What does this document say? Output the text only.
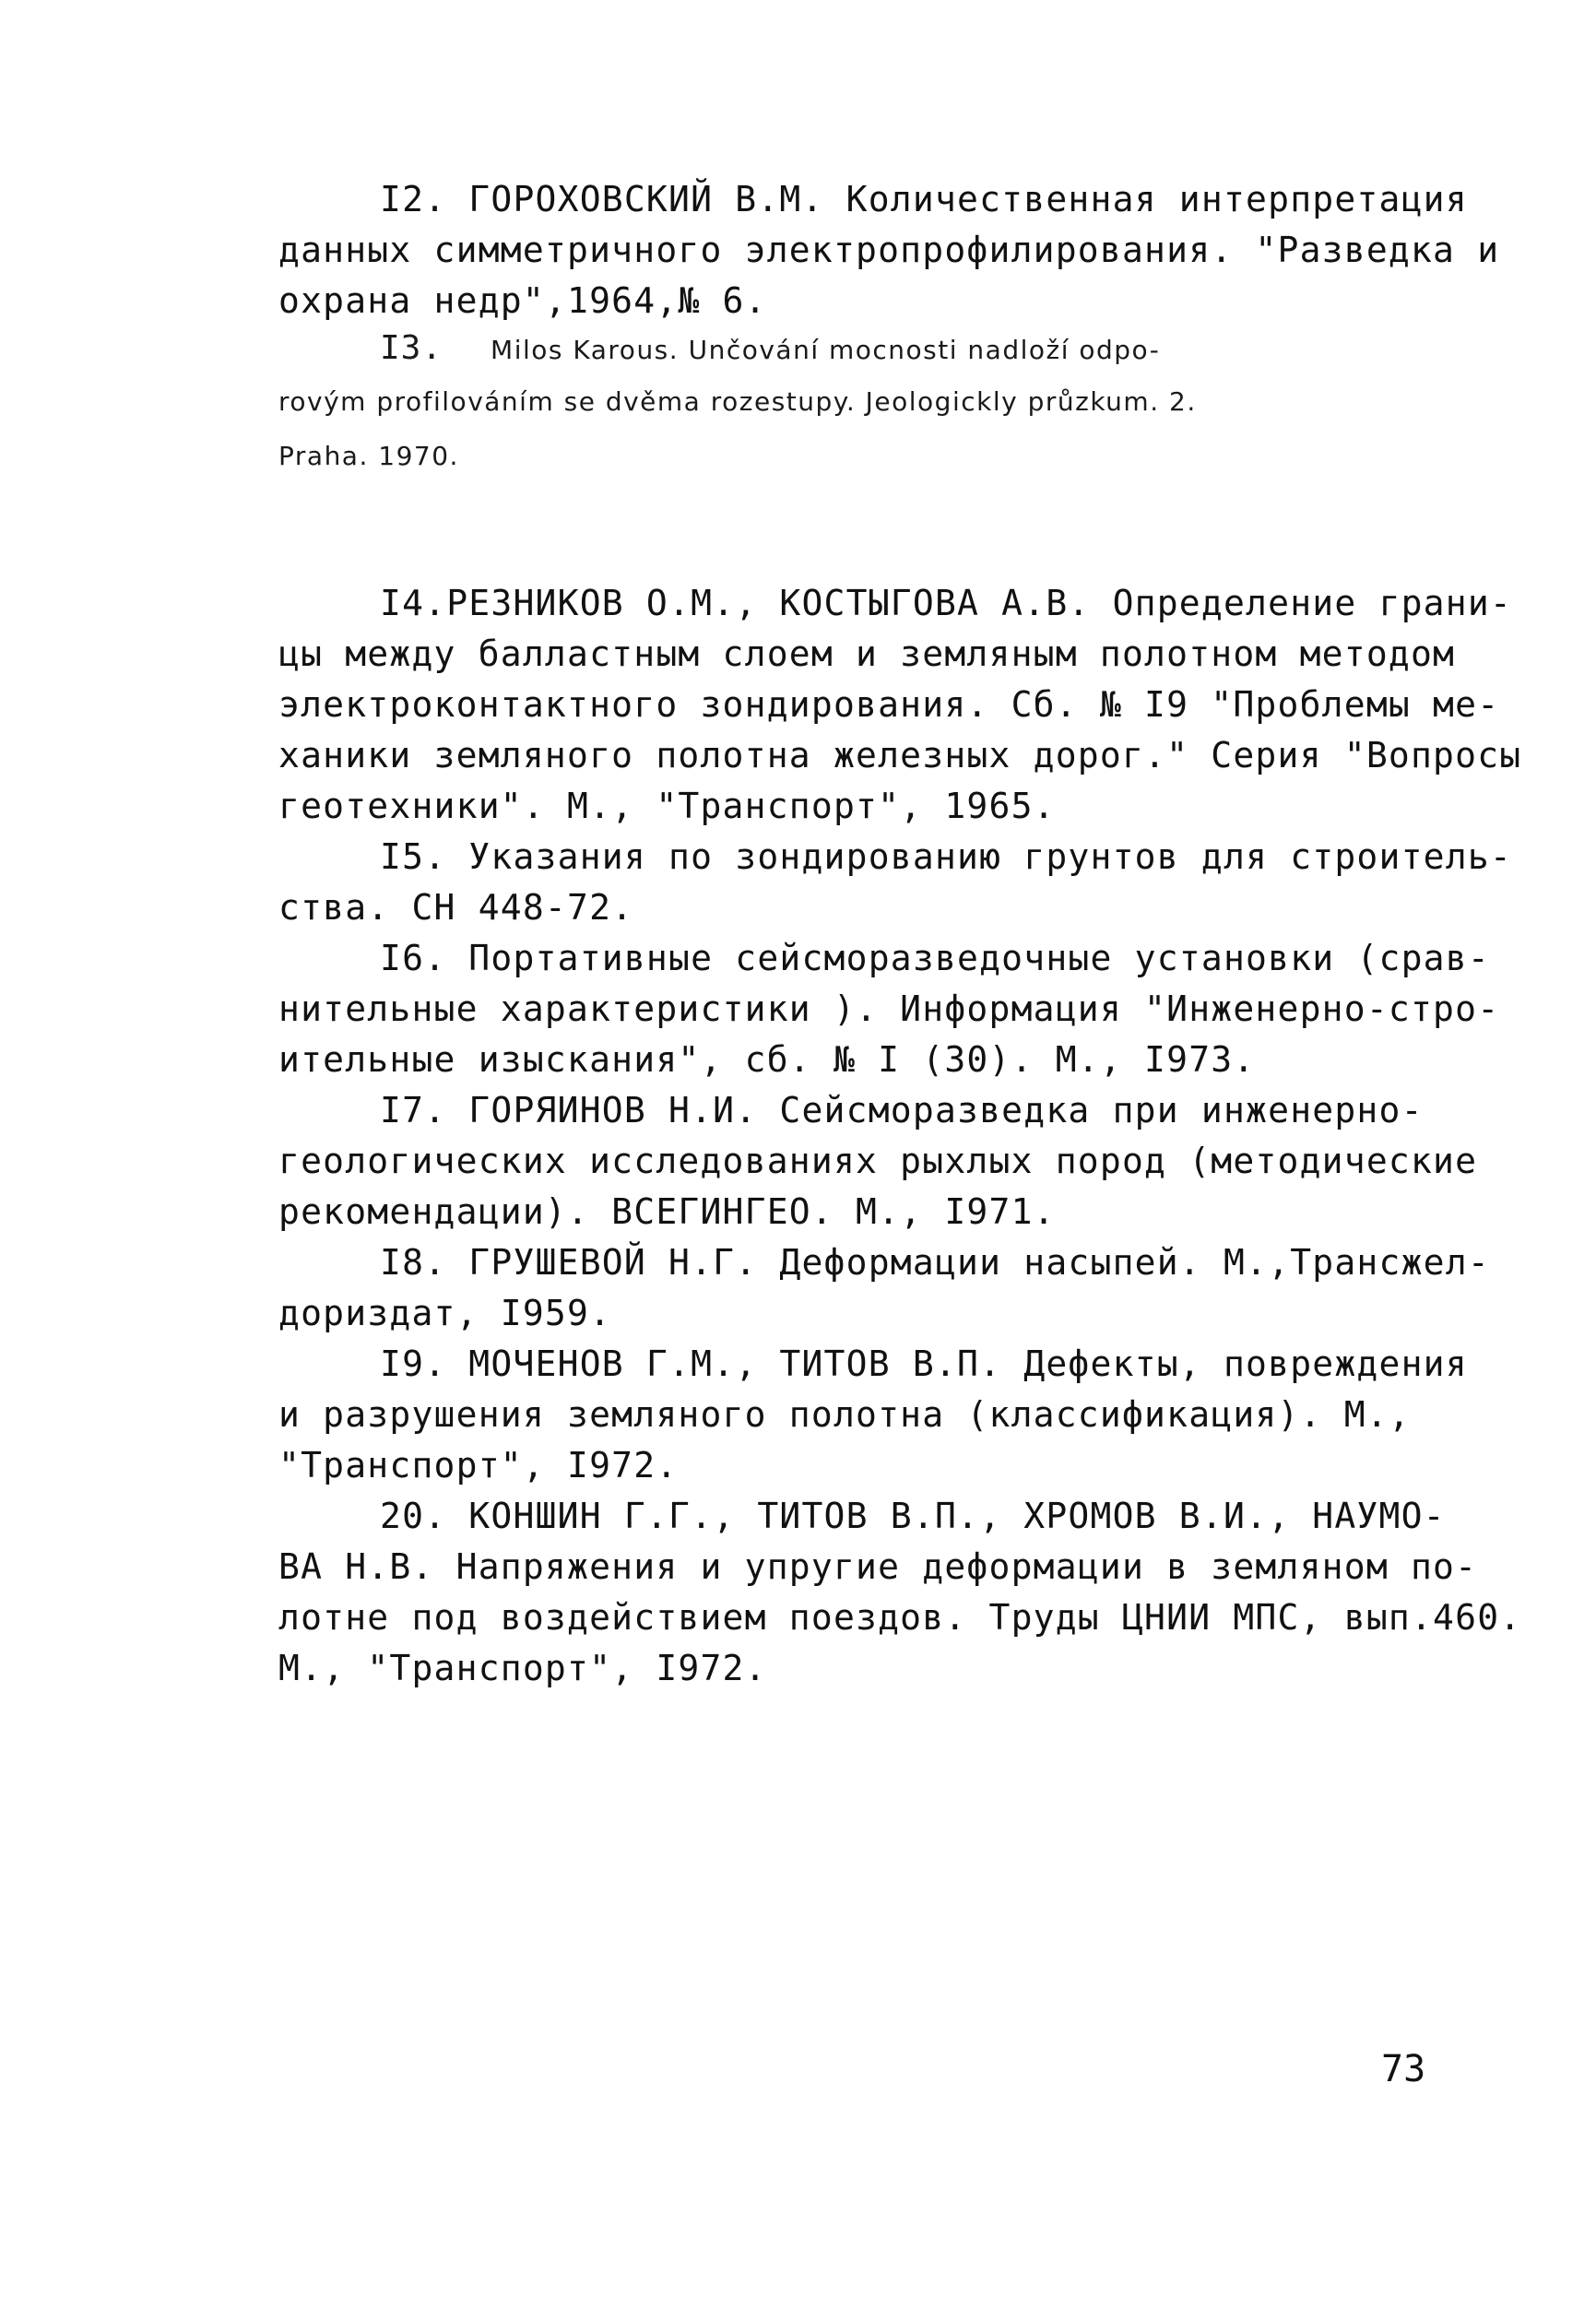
I2. ГОРОХОВСКИЙ В.М. Количественная интерпретация
данных симметричного электропрофилирования. "Разведка и
охрана недр",1964,№ 6.
I3. Milos Karous. Unčování mocnosti nadloží odpo-
rovým profilováním se dvěma rozestupy. Jeologickly průzkum. 2.
Praha. 1970.
I4.РЕЗНИКОВ О.М., КОСТЫГОВА А.В. Определение грани-
цы между балластным слоем и земляным полотном методом
электроконтактного зондирования. Сб. № I9 "Проблемы ме-
ханики земляного полотна железных дорог." Серия "Вопросы
геотехники". М., "Транспорт", 1965.
I5. Указания по зондированию грунтов для строитель-
ства. СН 448-72.
I6. Портативные сейсморазведочные установки (срав-
нительные характеристики ). Информация "Инженерно-стро-
ительные изыскания", сб. № I (30). М., I973.
I7. ГОРЯИНОВ Н.И. Сейсморазведка при инженерно-
геологических исследованиях рыхлых пород (методические
рекомендации). ВСЕГИНГЕО. М., I971.
I8. ГРУШЕВОЙ Н.Г. Деформации насыпей. М.,Трансжел-
дориздат, I959.
I9. МОЧЕНОВ Г.М., ТИТОВ В.П. Дефекты, повреждения
и разрушения земляного полотна (классификация). М.,
"Транспорт", I972.
20. КОНШИН Г.Г., ТИТОВ В.П., ХРОМОВ В.И., НАУМО-
ВА Н.В. Напряжения и упругие деформации в земляном по-
лотне под воздействием поездов. Труды ЦНИИ МПС, вып.460.
М., "Транспорт", I972.
73
